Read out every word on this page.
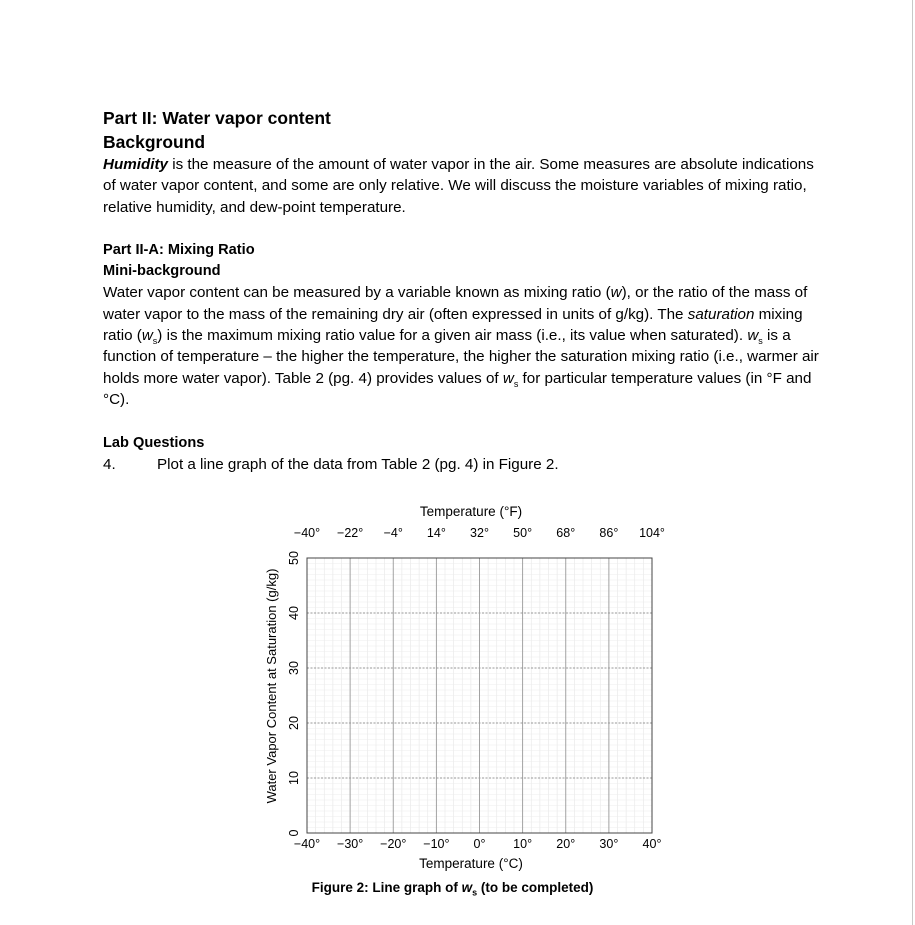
Part II: Water vapor content
Background

Humidity is the measure of the amount of water vapor in the air. Some measures are absolute indications of water vapor content, and some are only relative. We will discuss the moisture variables of mixing ratio, relative humidity, and dew-point temperature.

Part II-A: Mixing Ratio
Mini-background

Water vapor content can be measured by a variable known as mixing ratio (w), or the ratio of the mass of water vapor to the mass of the remaining dry air (often expressed in units of g/kg). The saturation mixing ratio $(w_s)$ is the maximum mixing ratio value for a given air mass (i.e., its value when saturated). $w_s$ is a function of temperature – the higher the temperature, the higher the saturation mixing ratio (i.e., warmer air holds more water vapor). Table 2 (pg. 4) provides values of $w_s$ for particular temperature values (in °F and °C).

Lab Questions
4.	Plot a line graph of the data from Table 2 (pg. 4) in Figure 2.
−40° −30° −20° −10° 0° 10° 20° 30° 40°
−40° −22° −4° 14° 32° 50° 68° 86° 104°
0
10
20
30
40
50
Temperature (°F)
Temperature (°C)
Water Vapor Content at Saturation (g/kg)
Figure 2: Line graph of $w_s$ (to be completed)
